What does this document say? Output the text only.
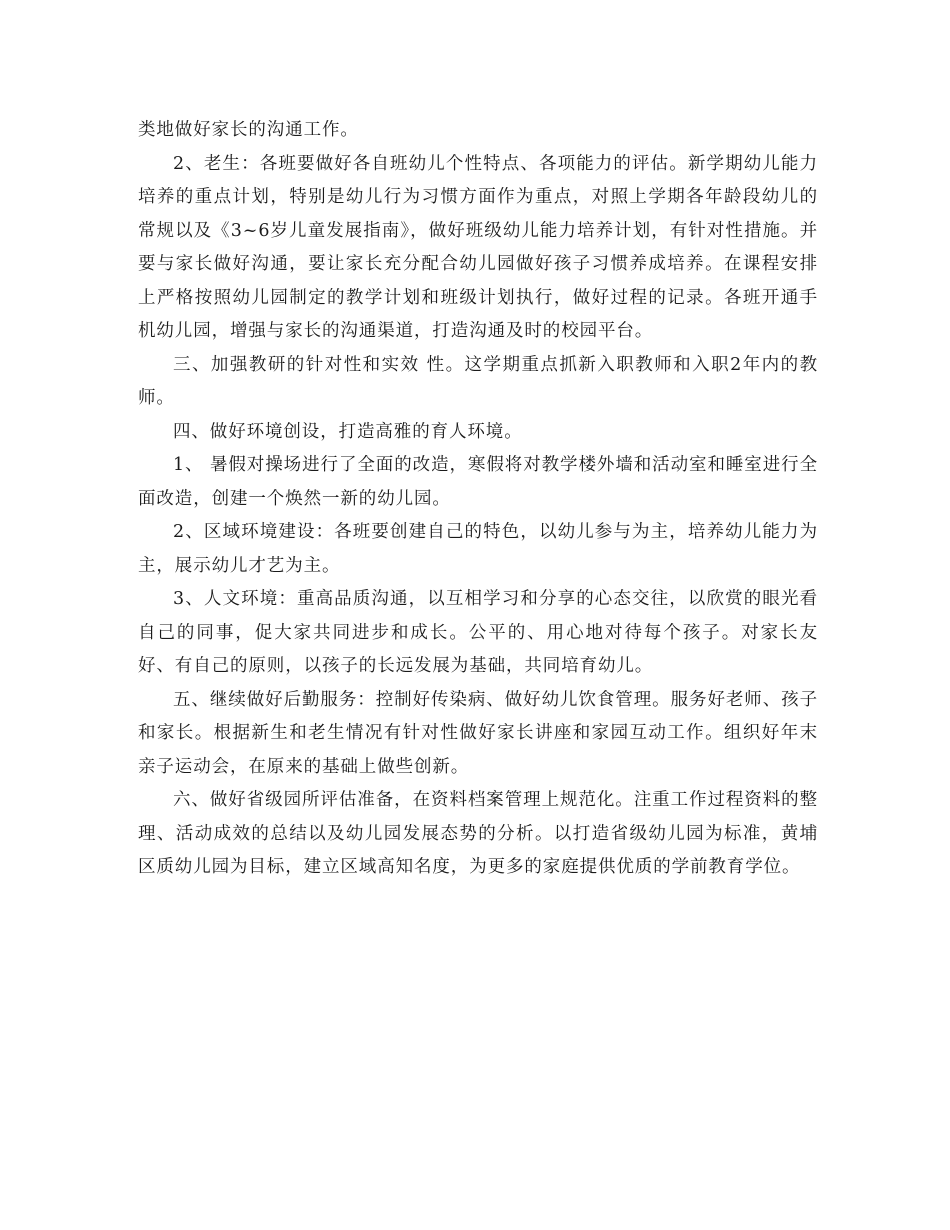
类地做好家长的沟通工作。

2、老生：各班要做好各自班幼儿个性特点、各项能力的评估。新学期幼儿能力培养的重点计划，特别是幼儿行为习惯方面作为重点，对照上学期各年龄段幼儿的常规以及《3~6岁儿童发展指南》，做好班级幼儿能力培养计划，有针对性措施。并要与家长做好沟通，要让家长充分配合幼儿园做好孩子习惯养成培养。在课程安排上严格按照幼儿园制定的教学计划和班级计划执行，做好过程的记录。各班开通手机幼儿园，增强与家长的沟通渠道，打造沟通及时的校园平台。

三、加强教研的针对性和实效 性。这学期重点抓新入职教师和入职2年内的教师。

四、做好环境创设，打造高雅的育人环境。

1、 暑假对操场进行了全面的改造，寒假将对教学楼外墙和活动室和睡室进行全面改造，创建一个焕然一新的幼儿园。

2、区域环境建设：各班要创建自己的特色，以幼儿参与为主，培养幼儿能力为主，展示幼儿才艺为主。

3、人文环境：重高品质沟通，以互相学习和分享的心态交往，以欣赏的眼光看自己的同事，促大家共同进步和成长。公平的、用心地对待每个孩子。对家长友好、有自己的原则，以孩子的长远发展为基础，共同培育幼儿。

五、继续做好后勤服务：控制好传染病、做好幼儿饮食管理。服务好老师、孩子和家长。根据新生和老生情况有针对性做好家长讲座和家园互动工作。组织好年末亲子运动会，在原来的基础上做些创新。

六、做好省级园所评估准备，在资料档案管理上规范化。注重工作过程资料的整理、活动成效的总结以及幼儿园发展态势的分析。以打造省级幼儿园为标准，黄埔区质幼儿园为目标，建立区域高知名度，为更多的家庭提供优质的学前教育学位。
